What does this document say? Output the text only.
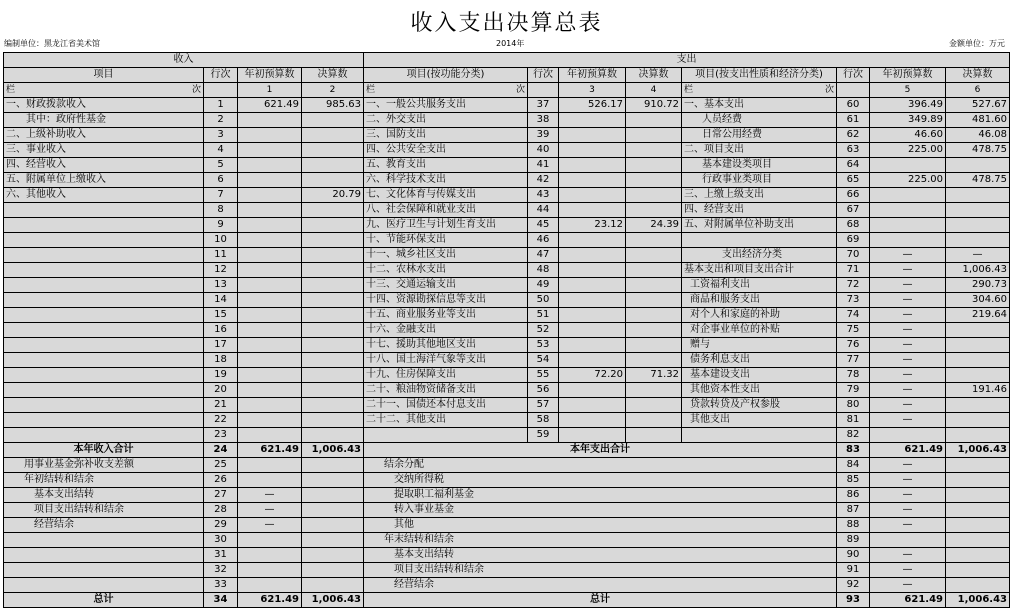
收入支出决算总表
编制单位：黑龙江省美术馆	2014年	金额单位：万元
收入				支出							
项目	行次	年初预算数	决算数	项目(按功能分类)	行次	年初预算数	决算数	项目(按支出性质和经济分类)	行次	年初预算数	决算数

栏 次		1	2	栏 次		3	4	栏 次		5	6
一、财政拨款收入	1	621.49	985.63	一、一般公共服务支出	37	526.17	910.72	一、基本支出	60	396.49	527.67
其中：政府性基金	2			二、外交支出	38			人员经费	61	349.89	481.60
二、上级补助收入	3			三、国防支出	39			日常公用经费	62	46.60	46.08
三、事业收入	4			四、公共安全支出	40			二、项目支出	63	225.00	478.75
四、经营收入	5			五、教育支出	41			基本建设类项目	64		
五、附属单位上缴收入	6			六、科学技术支出	42			行政事业类项目	65	225.00	478.75
六、其他收入	7		20.79	七、文化体育与传媒支出	43			三、上缴上级支出	66		
	8			八、社会保障和就业支出	44			四、经营支出	67		
	9			九、医疗卫生与计划生育支出	45	23.12	24.39	五、对附属单位补助支出	68		
	10			十、节能环保支出	46				69		
	11			十一、城乡社区支出	47			支出经济分类	70	—	—
	12			十二、农林水支出	48			基本支出和项目支出合计	71	—	1,006.43
	13			十三、交通运输支出	49			工资福利支出	72	—	290.73
	14			十四、资源勘探信息等支出	50			商品和服务支出	73	—	304.60
	15			十五、商业服务业等支出	51			对个人和家庭的补助	74	—	219.64
	16			十六、金融支出	52			对企事业单位的补贴	75	—	
	17			十七、援助其他地区支出	53			赠与	76	—	
	18			十八、国土海洋气象等支出	54			债务利息支出	77	—	
	19			十九、住房保障支出	55	72.20	71.32	基本建设支出	78	—	
	20			二十、粮油物资储备支出	56			其他资本性支出	79	—	191.46
	21			二十一、国债还本付息支出	57			贷款转贷及产权参股	80	—	
	22			二十二、其他支出	58			其他支出	81	—	
	23				59				82		
本年收入合计	24	621.49	1,006.43	本年支出合计					83	621.49	1,006.43
用事业基金弥补收支差额	25			结余分配					84	—	
年初结转和结余	26			交纳所得税					85	—	
基本支出结转	27	—		提取职工福利基金					86	—	
项目支出结转和结余	28	—		转入事业基金					87	—	
经营结余	29	—		其他					88	—	
	30			年末结转和结余					89		
	31			基本支出结转					90	—	
	32			项目支出结转和结余					91	—	
	33			经营结余					92	—	
总计	34	621.49	1,006.43	总计					93	621.49	1,006.43
